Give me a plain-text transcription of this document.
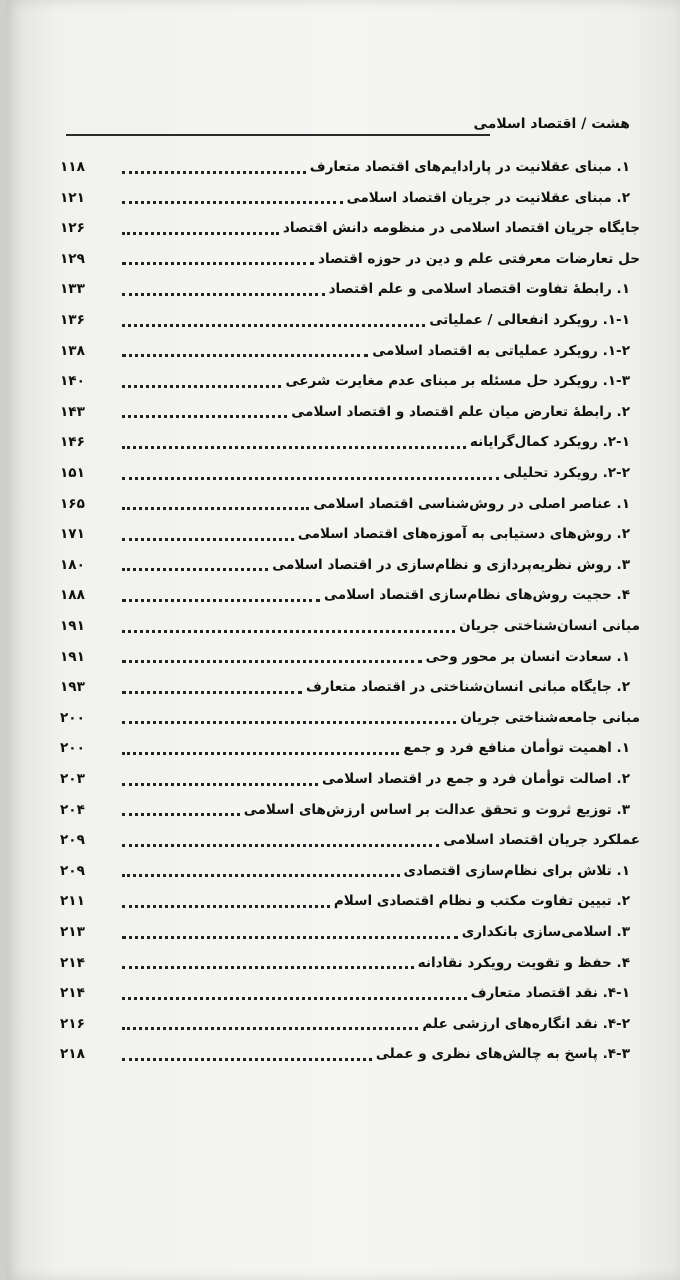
هشت / اقتصاد اسلامی
۱. مبنای عقلانیت در پارادایم‌های اقتصاد متعارف
۱۱۸
۲. مبنای عقلانیت در جریان اقتصاد اسلامی
۱۲۱
جایگاه جریان اقتصاد اسلامی در منظومه دانش اقتصاد
۱۲۶
حل تعارضات معرفتی علم و دین در حوزه اقتصاد
۱۲۹
۱. رابطهٔ تفاوت اقتصاد اسلامی و علم اقتصاد
۱۳۳
۱-۱. رویکرد انفعالی / عملیاتی
۱۳۶
۱-۲. رویکرد عملیاتی به اقتصاد اسلامی
۱۳۸
۱-۳. رویکرد حل مسئله بر مبنای عدم مغایرت شرعی
۱۴۰
۲. رابطهٔ تعارض میان علم اقتصاد و اقتصاد اسلامی
۱۴۳
۲-۱. رویکرد کمال‌گرایانه
۱۴۶
۲-۲. رویکرد تحلیلی
۱۵۱
۱. عناصر اصلی در روش‌شناسی اقتصاد اسلامی
۱۶۵
۲. روش‌های دستیابی به آموزه‌های اقتصاد اسلامی
۱۷۱
۳. روش نظریه‌پردازی و نظام‌سازی در اقتصاد اسلامی
۱۸۰
۴. حجیت روش‌های نظام‌سازی اقتصاد اسلامی
۱۸۸
مبانی انسان‌شناختی جریان
۱۹۱
۱. سعادت انسان بر محور وحی
۱۹۱
۲. جایگاه مبانی انسان‌شناختی در اقتصاد متعارف
۱۹۳
مبانی جامعه‌شناختی جریان
۲۰۰
۱. اهمیت توأمان منافع فرد و جمع
۲۰۰
۲. اصالت توأمان فرد و جمع در اقتصاد اسلامی
۲۰۳
۳. توزیع ثروت و تحقق عدالت بر اساس ارزش‌های اسلامی
۲۰۴
عملکرد جریان اقتصاد اسلامی
۲۰۹
۱. تلاش برای نظام‌سازی اقتصادی
۲۰۹
۲. تبیین تفاوت مکتب و نظام اقتصادی اسلام
۲۱۱
۳. اسلامی‌سازی بانکداری
۲۱۳
۴. حفظ و تقویت رویکرد نقادانه
۲۱۴
۴-۱. نقد اقتصاد متعارف
۲۱۴
۴-۲. نقد انگاره‌های ارزشی علم
۲۱۶
۴-۳. پاسخ به چالش‌های نظری و عملی
۲۱۸
